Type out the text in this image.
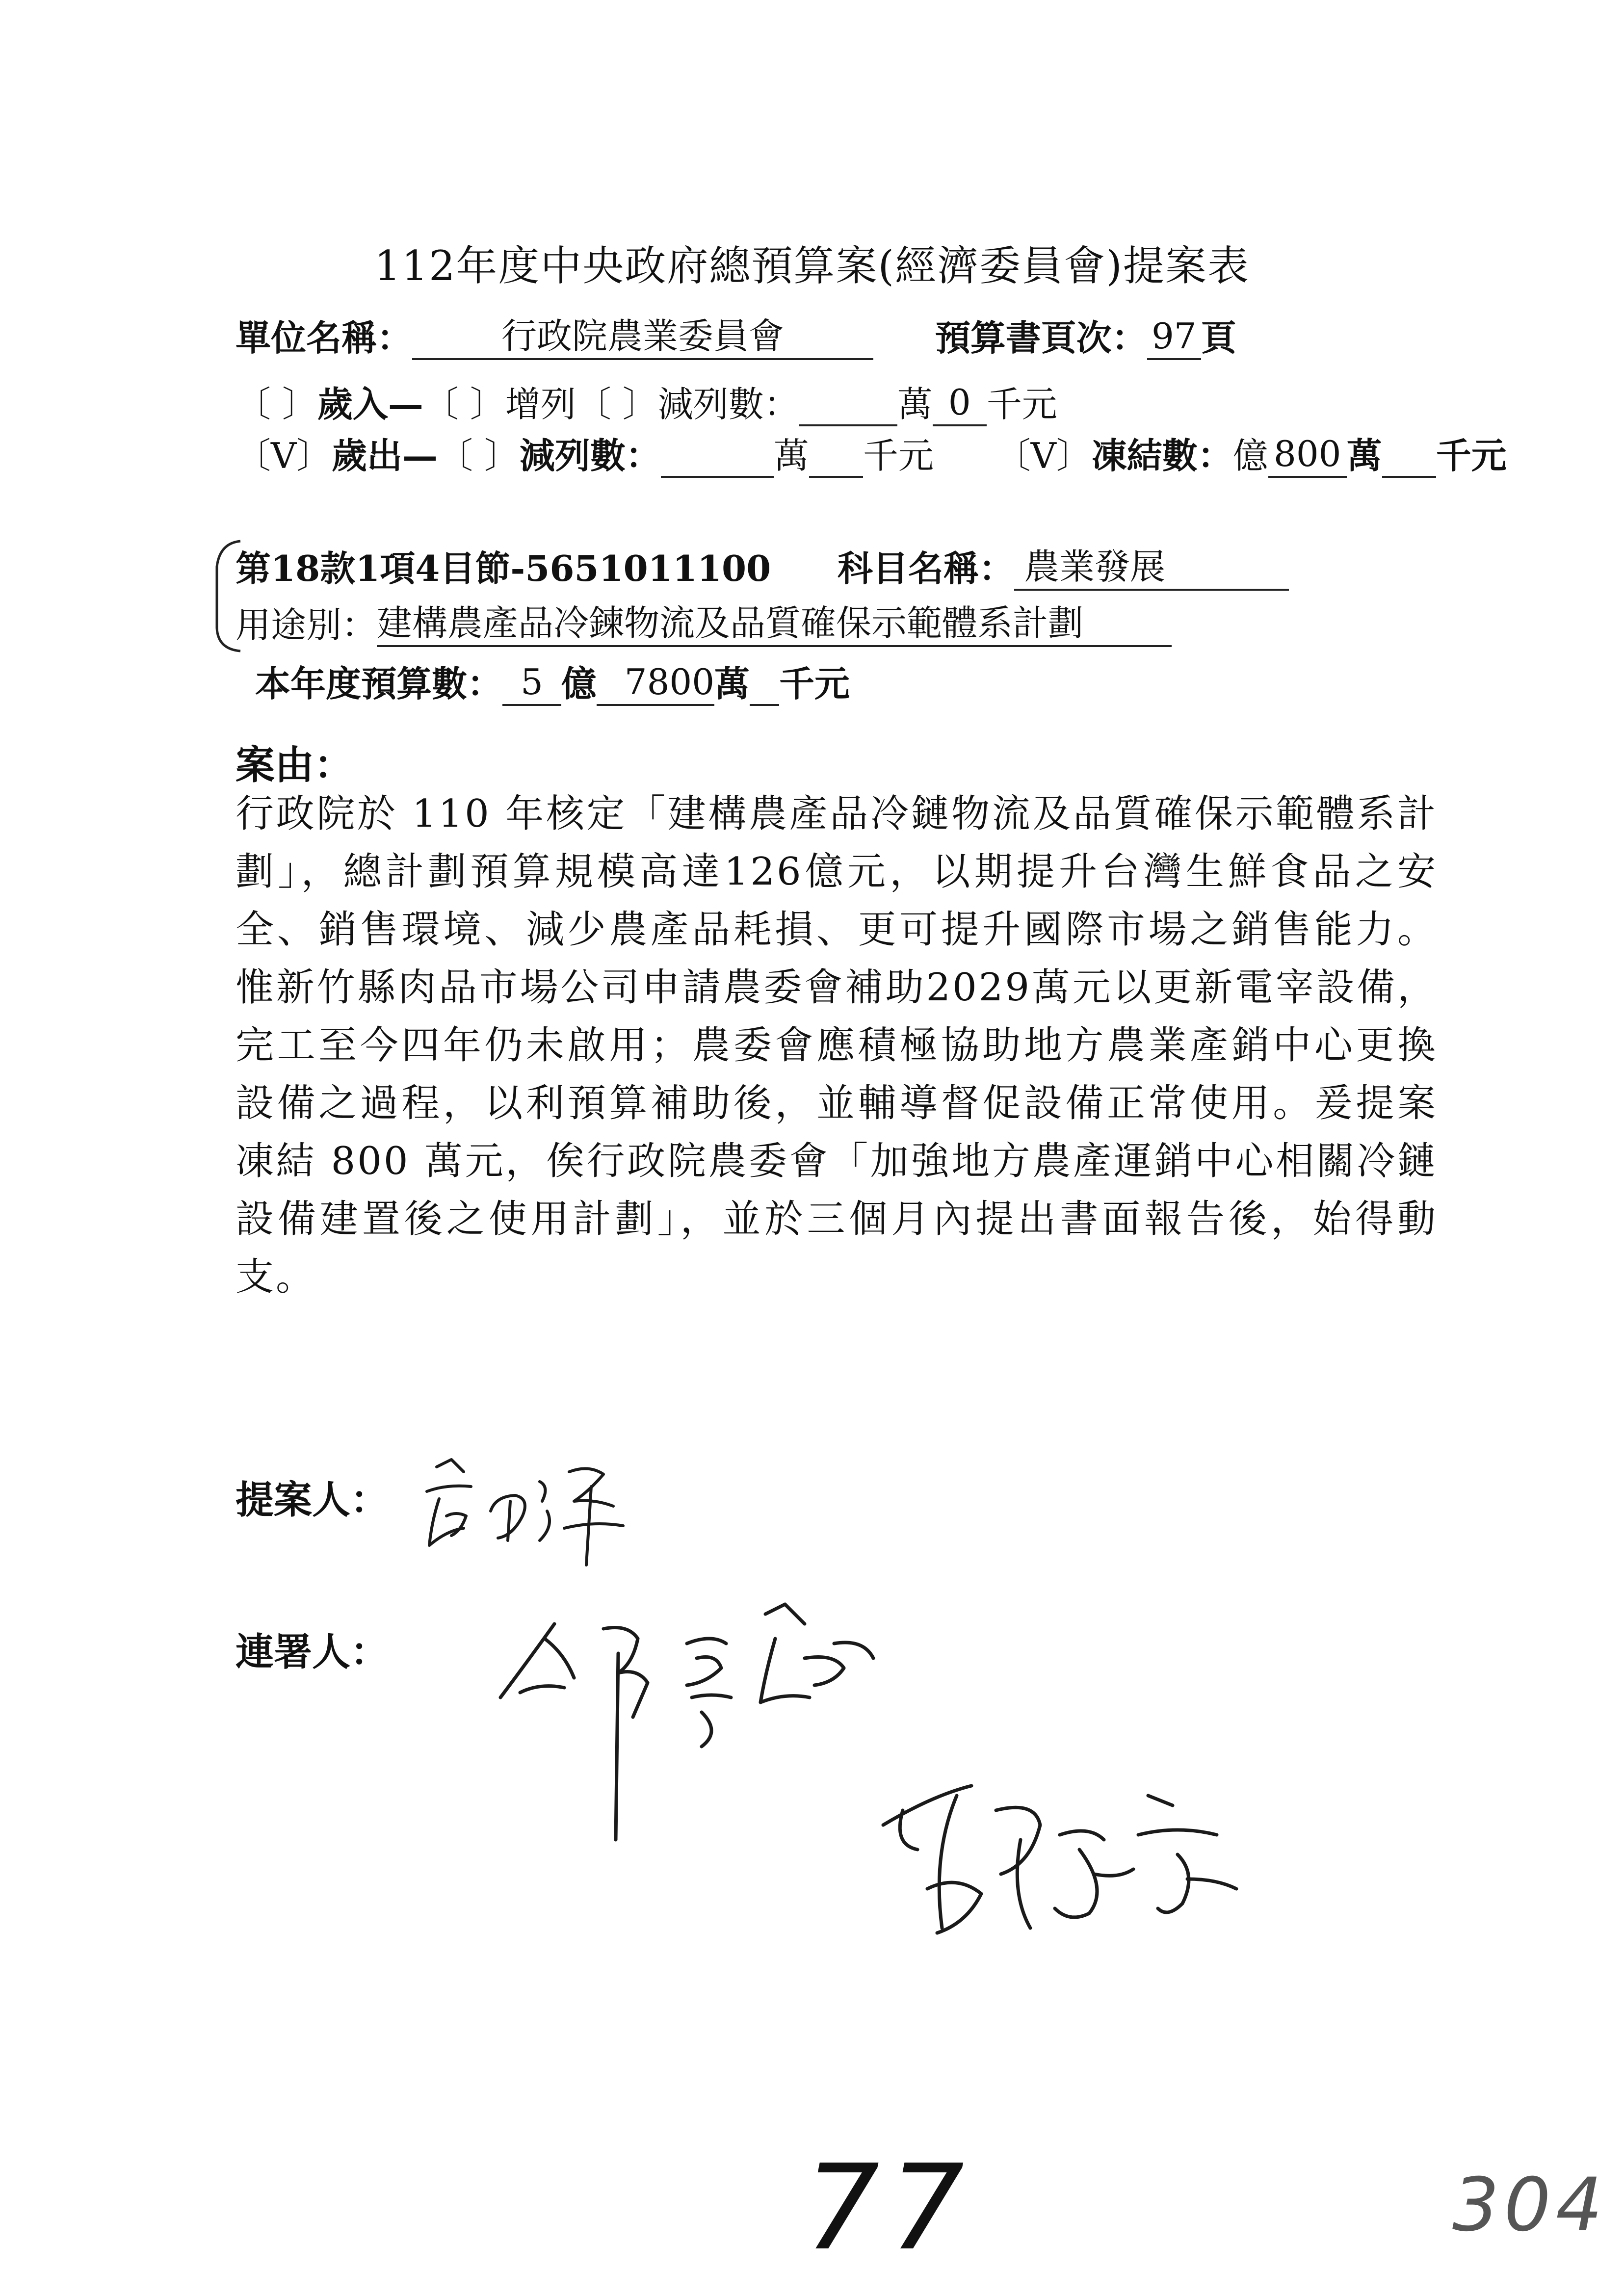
112年度中央政府總預算案(經濟委員會)提案表
單位名稱：	行政院農業委員會	預算書頁次： 97 頁
〔 〕歲入—〔 〕增列〔 〕減列數：	萬 0 千元
〔V〕歲出—〔 〕減列數：	萬 千元 〔V〕凍結數：億 800 萬 千元
第18款1項4目節-5651011100 科目名稱： 農業發展
用途別：建構農產品冷鍊物流及品質確保示範體系計劃
本年度預算數： 5 億 7800萬 千元
案由：
行政院於 110 年核定「建構農產品冷鏈物流及品質確保示範體系計劃」，總計劃預算規模高達126億元，以期提升台灣生鮮食品之安全、銷售環境、減少農產品耗損、更可提升國際市場之銷售能力。惟新竹縣肉品市場公司申請農委會補助2029萬元以更新電宰設備，完工至今四年仍未啟用；農委會應積極協助地方農業產銷中心更換設備之過程，以利預算補助後，並輔導督促設備正常使用。爰提案凍結 800 萬元，俟行政院農委會「加強地方農產運銷中心相關冷鏈設備建置後之使用計劃」，並於三個月內提出書面報告後，始得動支。
提案人：
連署人：
77	304
